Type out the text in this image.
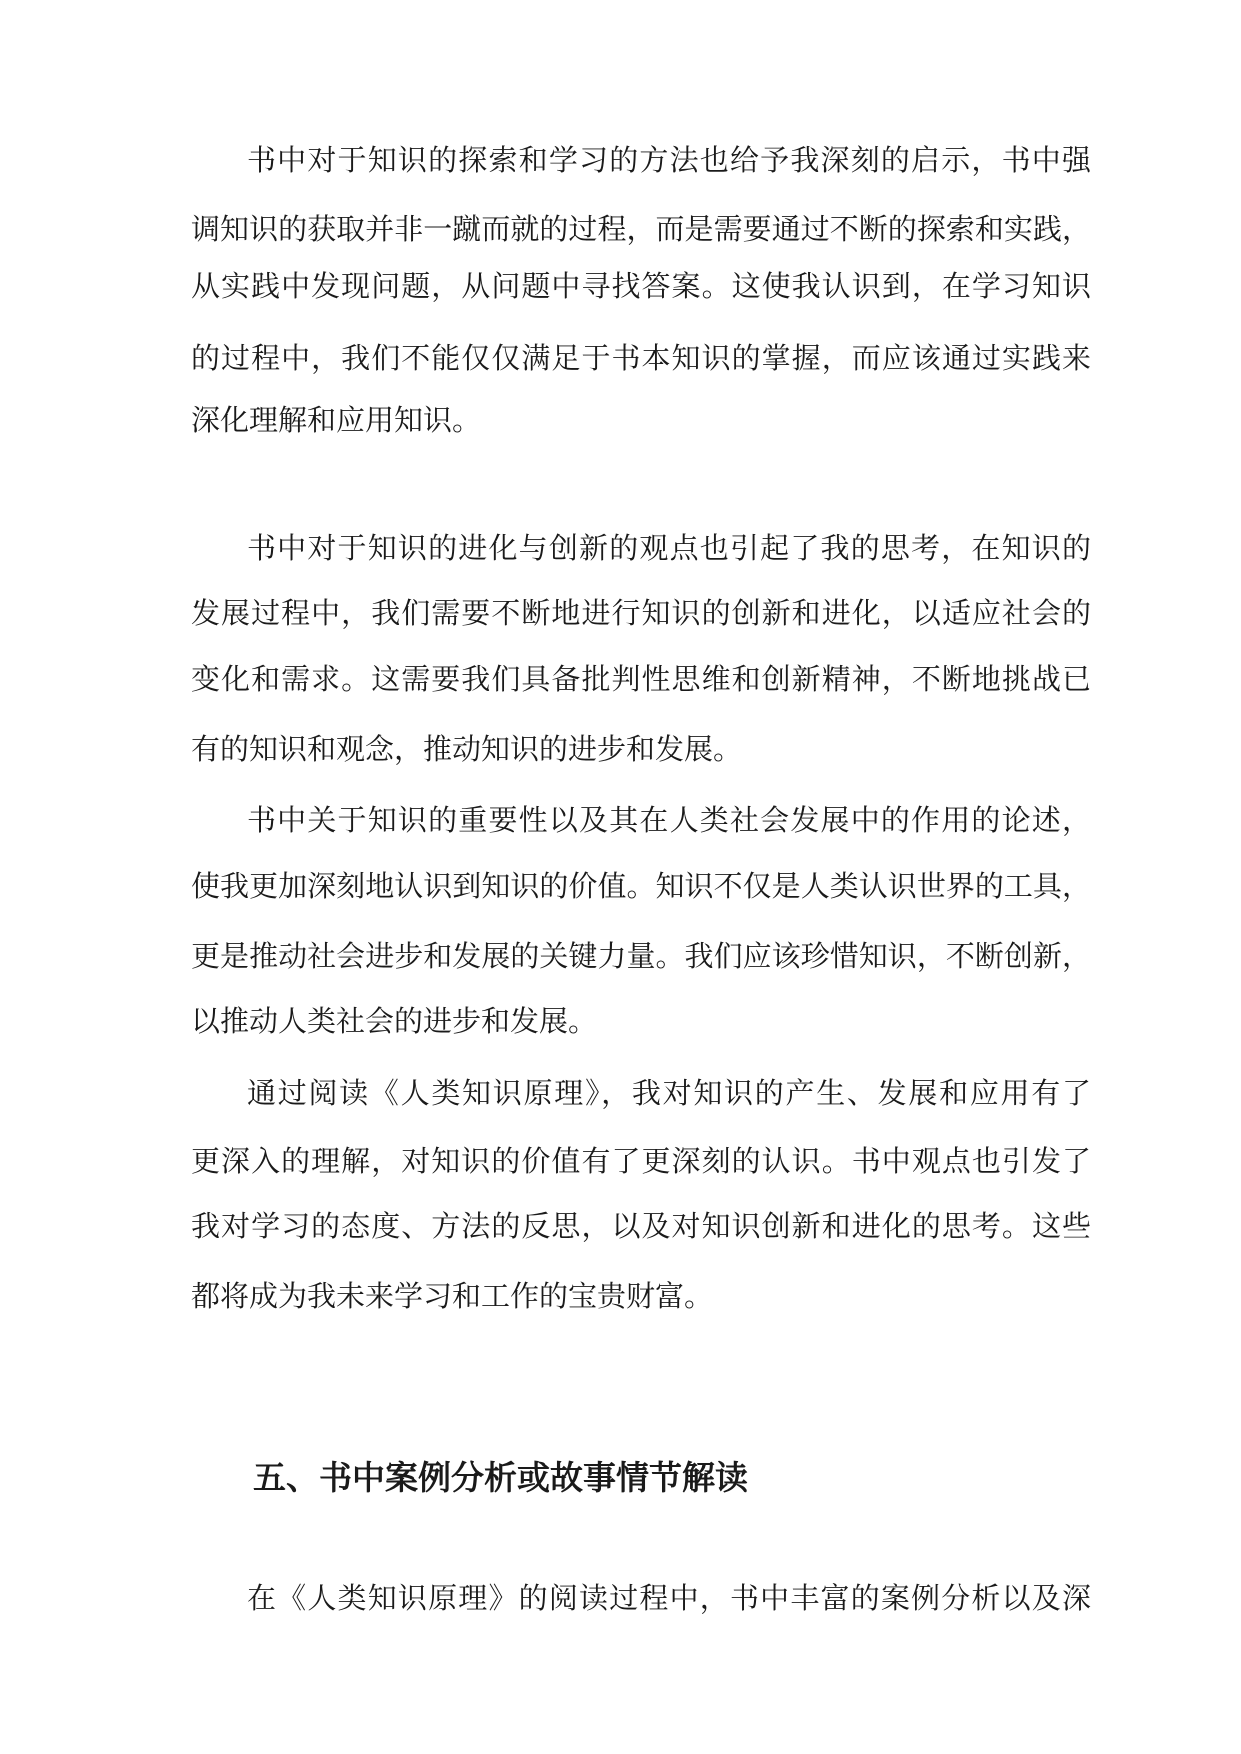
书中对于知识的探索和学习的方法也给予我深刻的启示，书中强
调知识的获取并非一蹴而就的过程，而是需要通过不断的探索和实践，
从实践中发现问题，从问题中寻找答案。这使我认识到，在学习知识
的过程中，我们不能仅仅满足于书本知识的掌握，而应该通过实践来
深化理解和应用知识。
书中对于知识的进化与创新的观点也引起了我的思考，在知识的
发展过程中，我们需要不断地进行知识的创新和进化，以适应社会的
变化和需求。这需要我们具备批判性思维和创新精神，不断地挑战已
有的知识和观念，推动知识的进步和发展。
书中关于知识的重要性以及其在人类社会发展中的作用的论述，
使我更加深刻地认识到知识的价值。知识不仅是人类认识世界的工具，
更是推动社会进步和发展的关键力量。我们应该珍惜知识，不断创新，
以推动人类社会的进步和发展。
通过阅读《人类知识原理》，我对知识的产生、发展和应用有了
更深入的理解，对知识的价值有了更深刻的认识。书中观点也引发了
我对学习的态度、方法的反思，以及对知识创新和进化的思考。这些
都将成为我未来学习和工作的宝贵财富。
五、书中案例分析或故事情节解读
在《人类知识原理》的阅读过程中，书中丰富的案例分析以及深
